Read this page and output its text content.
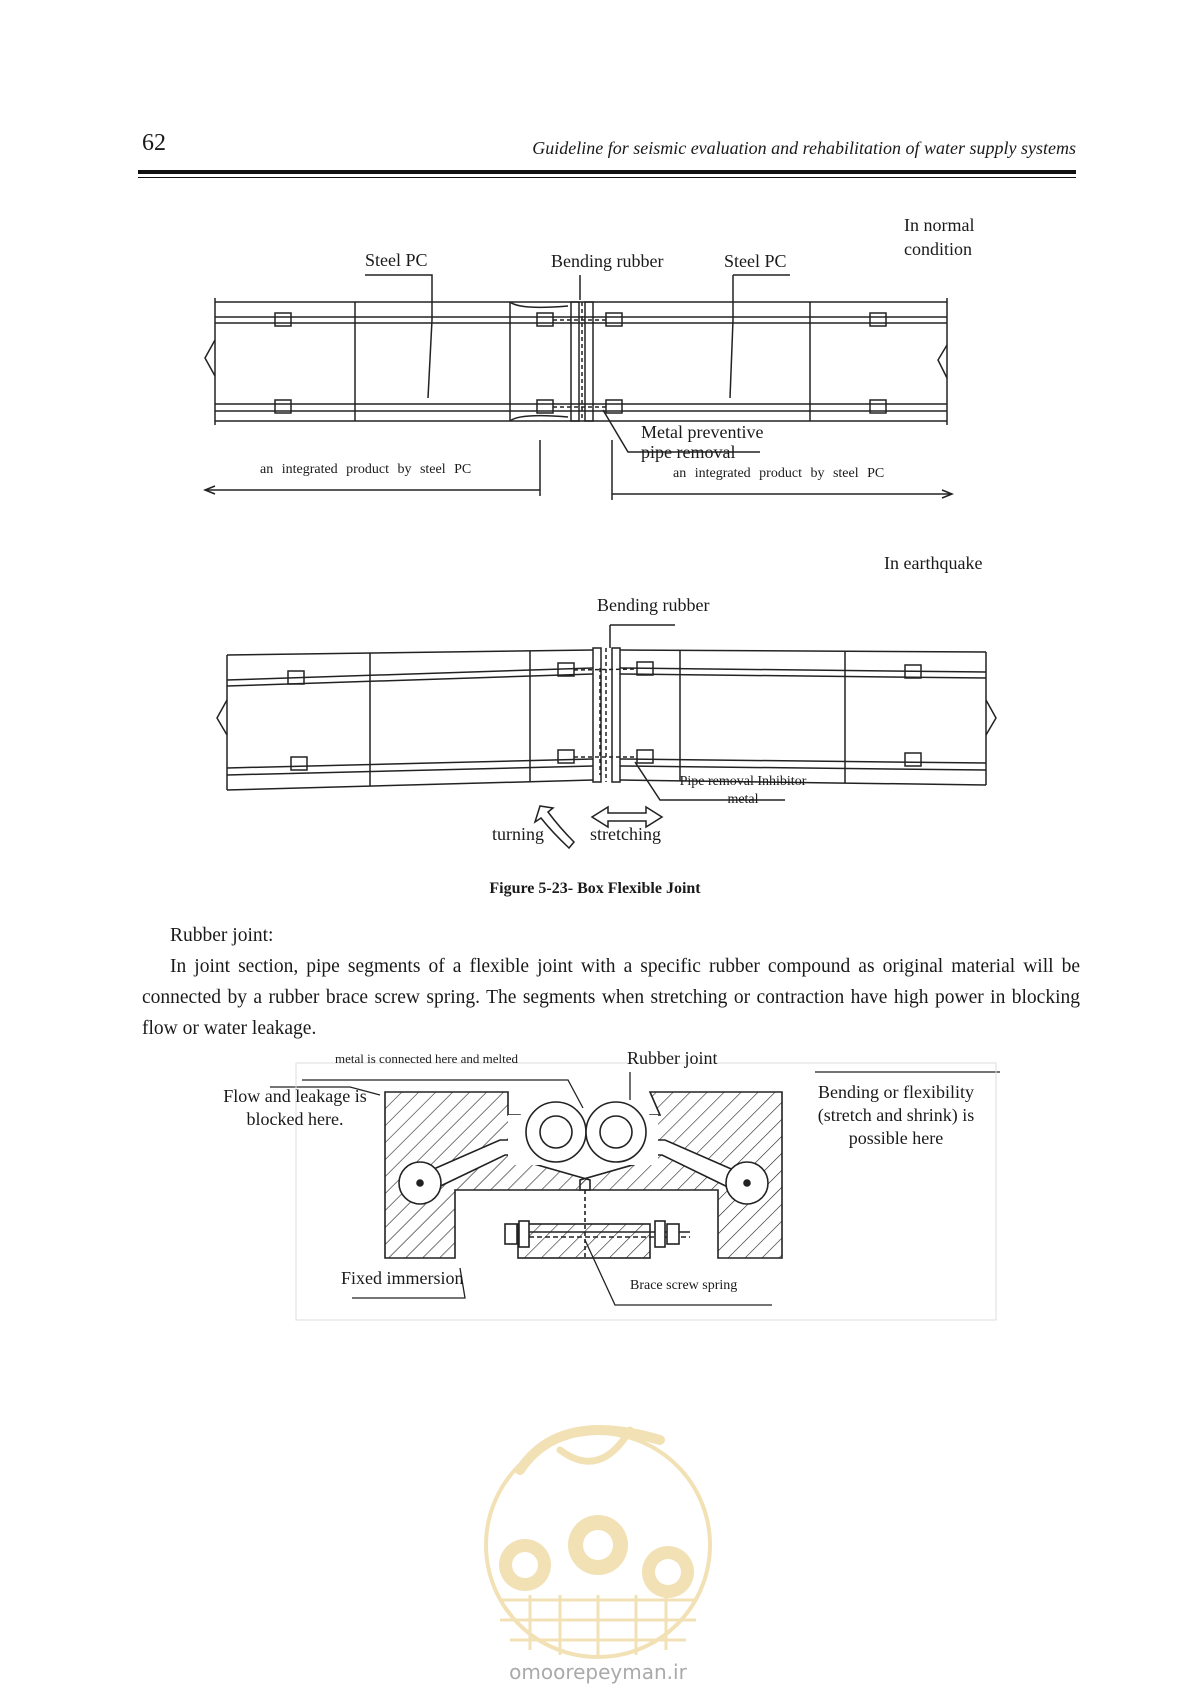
62	Guideline for seismic evaluation and rehabilitation of water supply systems
In normal condition
Steel PC	Bending rubber	Steel PC
Metal preventive pipe removal
an integrated product by steel PC	an integrated product by steel PC
In earthquake
Bending rubber
Pipe removal Inhibitor metal
turning	stretching
Figure 5-23- Box Flexible Joint
Rubber joint:
In joint section, pipe segments of a flexible joint with a specific rubber compound as original material will be connected by a rubber brace screw spring. The segments when stretching or contraction have high power in blocking flow or water leakage.
metal is connected here and melted	Rubber joint
Flow and leakage is blocked here.
Bending or flexibility (stretch and shrink) is possible here
Fixed immersion	Brace screw spring
omoorepeyman.ir
